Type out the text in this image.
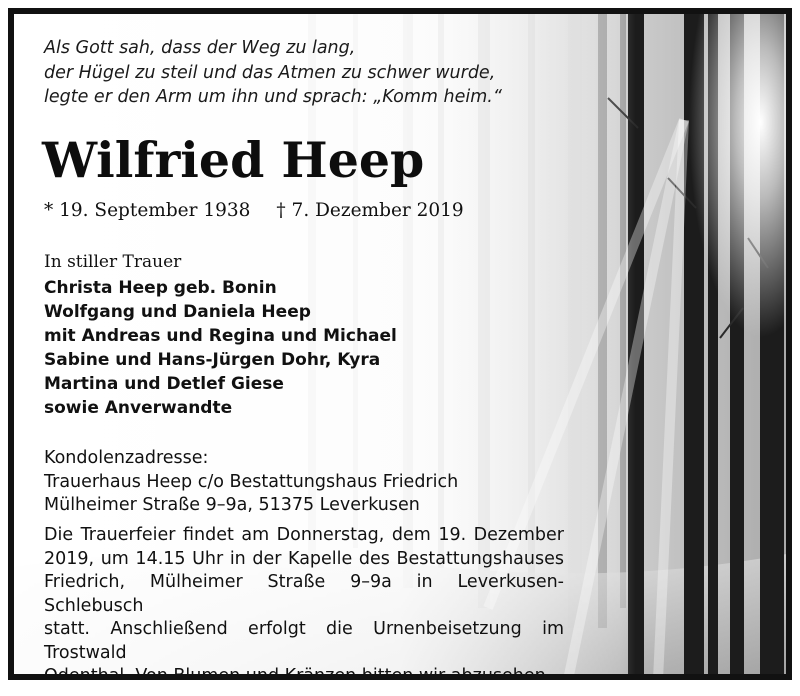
Als Gott sah, dass der Weg zu lang,
der Hügel zu steil und das Atmen zu schwer wurde,
legte er den Arm um ihn und sprach: „Komm heim.“
Wilfried Heep
* 19. September 1938 † 7. Dezember 2019
In stiller Trauer
Christa Heep geb. Bonin
Wolfgang und Daniela Heep
mit Andreas und Regina und Michael
Sabine und Hans-Jürgen Dohr, Kyra
Martina und Detlef Giese
sowie Anverwandte
Kondolenzadresse:
Trauerhaus Heep c/o Bestattungshaus Friedrich
Mülheimer Straße 9–9a, 51375 Leverkusen
Die Trauerfeier findet am Donnerstag, dem 19. Dezember
2019, um 14.15 Uhr in der Kapelle des Bestattungshauses
Friedrich, Mülheimer Straße 9–9a in Leverkusen-Schlebusch
statt. Anschließend erfolgt die Urnenbeisetzung im Trostwald
Odenthal. Von Blumen und Kränzen bitten wir abzusehen.
